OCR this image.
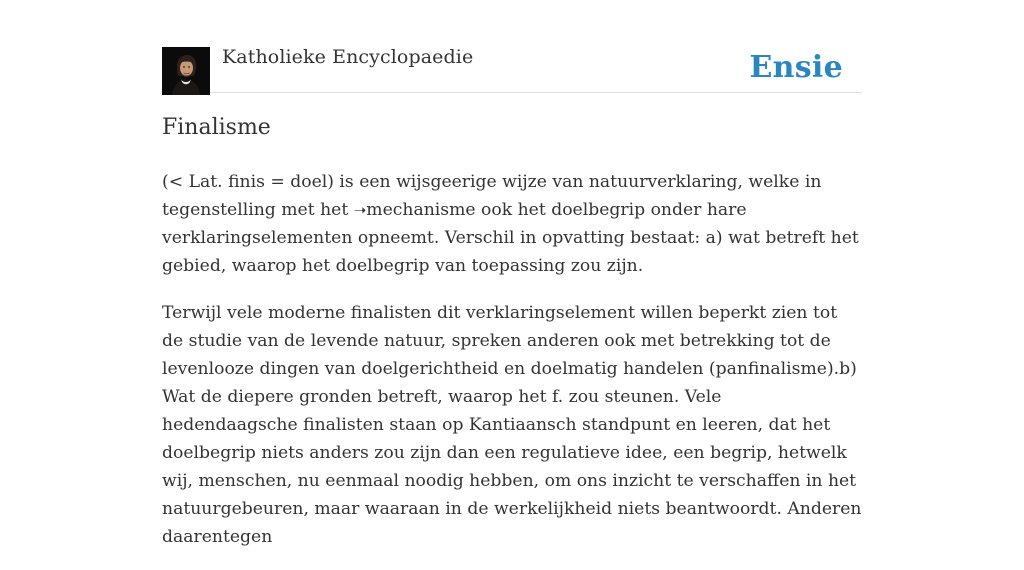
Katholieke Encyclopaedie	Ensie
Finalisme

(< Lat. finis = doel) is een wijsgeerige wijze van natuurverklaring, welke in tegenstelling met het ➝mechanisme ook het doelbegrip onder hare verklaringselementen opneemt. Verschil in opvatting bestaat: a) wat betreft het gebied, waarop het doelbegrip van toepassing zou zijn.

Terwijl vele moderne finalisten dit verklaringselement willen beperkt zien tot de studie van de levende natuur, spreken anderen ook met betrekking tot de levenlooze dingen van doelgerichtheid en doelmatig handelen (panfinalisme).b) Wat de diepere gronden betreft, waarop het f. zou steunen. Vele hedendaagsche finalisten staan op Kantiaansch standpunt en leeren, dat het doelbegrip niets anders zou zijn dan een regulatieve idee, een begrip, hetwelk wij, menschen, nu eenmaal noodig hebben, om ons inzicht te verschaffen in het natuurgebeuren, maar waaraan in de werkelijkheid niets beantwoordt. Anderen daarentegen
